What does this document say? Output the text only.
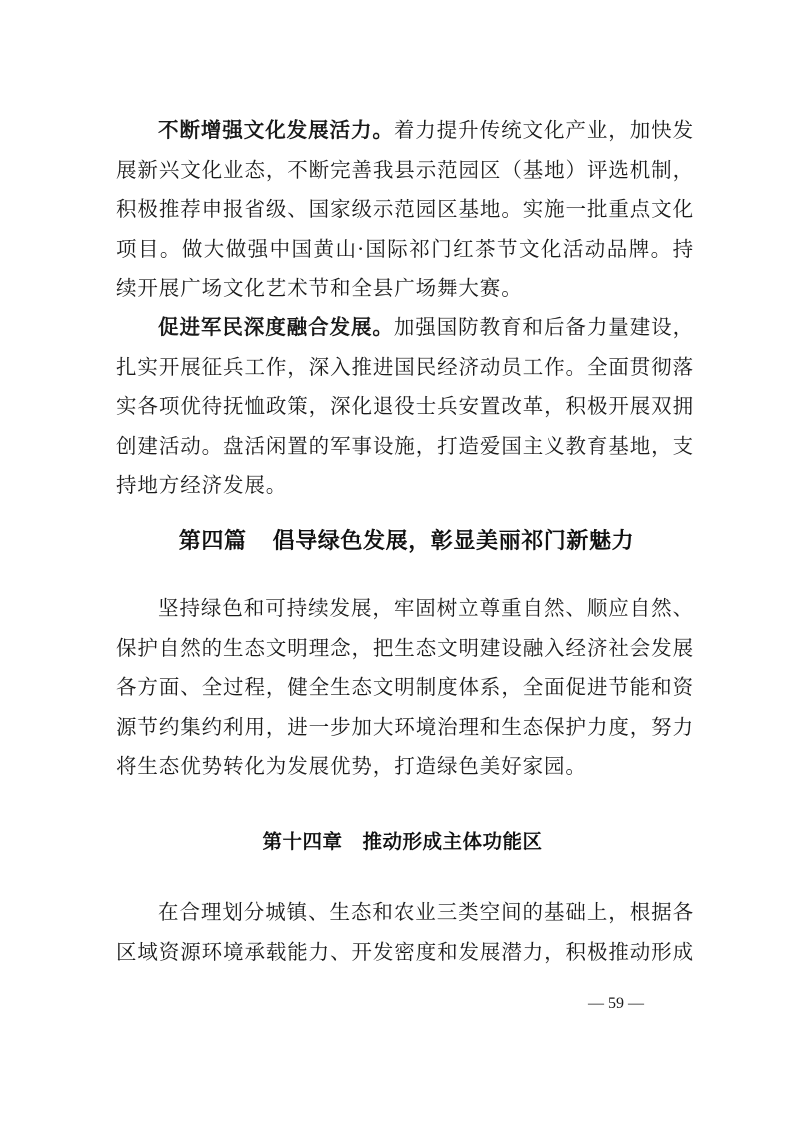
不断增强文化发展活力。着力提升传统文化产业，加快发
展新兴文化业态，不断完善我县示范园区（基地）评选机制，
积极推荐申报省级、国家级示范园区基地。实施一批重点文化
项目。做大做强中国黄山·国际祁门红茶节文化活动品牌。持
续开展广场文化艺术节和全县广场舞大赛。
促进军民深度融合发展。加强国防教育和后备力量建设，
扎实开展征兵工作，深入推进国民经济动员工作。全面贯彻落
实各项优待抚恤政策，深化退役士兵安置改革，积极开展双拥
创建活动。盘活闲置的军事设施，打造爱国主义教育基地，支
持地方经济发展。
第四篇 倡导绿色发展，彰显美丽祁门新魅力
坚持绿色和可持续发展，牢固树立尊重自然、顺应自然、
保护自然的生态文明理念，把生态文明建设融入经济社会发展
各方面、全过程，健全生态文明制度体系，全面促进节能和资
源节约集约利用，进一步加大环境治理和生态保护力度，努力
将生态优势转化为发展优势，打造绿色美好家园。
第十四章 推动形成主体功能区
在合理划分城镇、生态和农业三类空间的基础上，根据各
区域资源环境承载能力、开发密度和发展潜力，积极推动形成
— 59 —
